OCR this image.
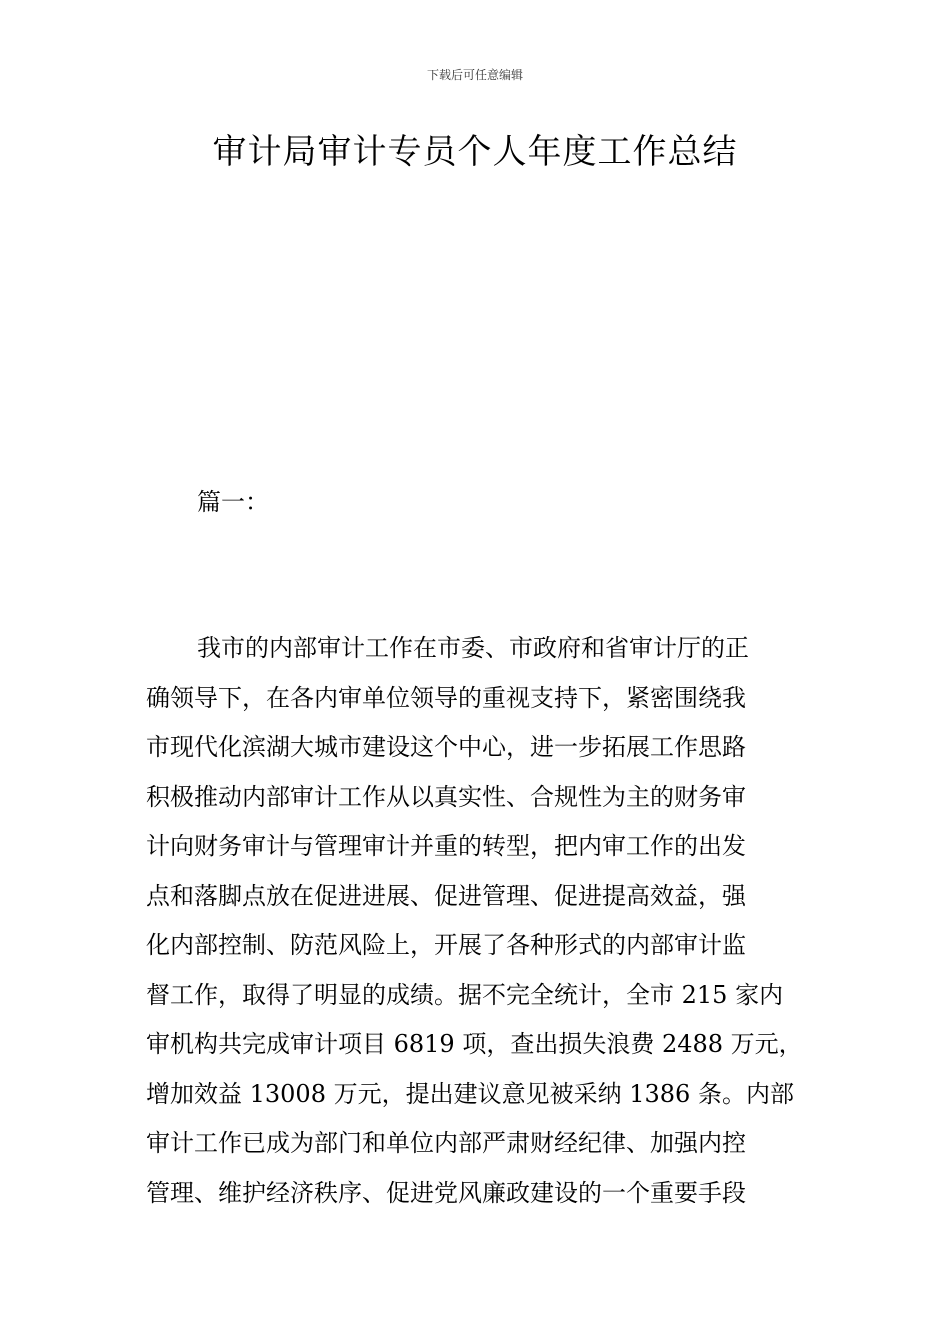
下载后可任意编辑
审计局审计专员个人年度工作总结
篇一：
我市的内部审计工作在市委、市政府和省审计厅的正
确领导下，在各内审单位领导的重视支持下，紧密围绕我
市现代化滨湖大城市建设这个中心，进一步拓展工作思路
积极推动内部审计工作从以真实性、合规性为主的财务审
计向财务审计与管理审计并重的转型，把内审工作的出发
点和落脚点放在促进进展、促进管理、促进提高效益，强
化内部控制、防范风险上，开展了各种形式的内部审计监
督工作，取得了明显的成绩。据不完全统计，全市 215 家内
审机构共完成审计项目 6819 项，查出损失浪费 2488 万元，
增加效益 13008 万元，提出建议意见被采纳 1386 条。内部
审计工作已成为部门和单位内部严肃财经纪律、加强内控
管理、维护经济秩序、促进党风廉政建设的一个重要手段
